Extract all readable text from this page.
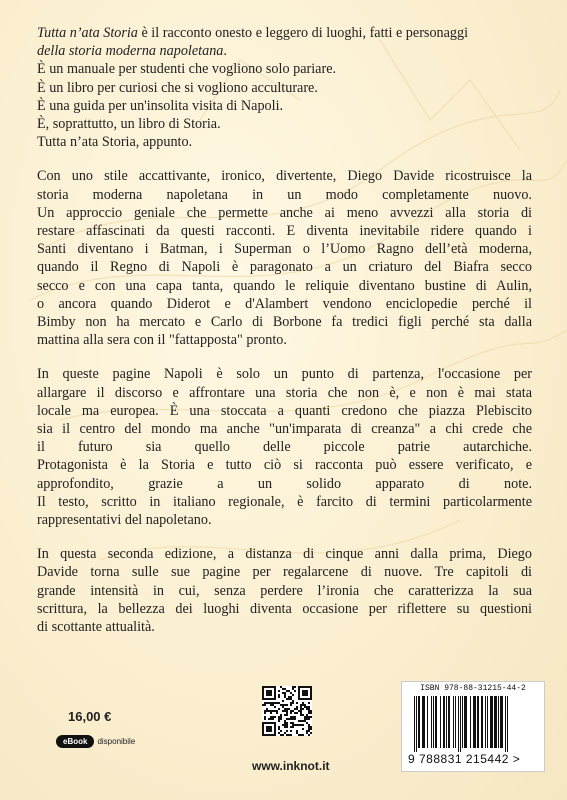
Tutta n’ata Storia è il racconto onesto e leggero di luoghi, fatti e personaggi
della storia moderna napoletana.
È un manuale per studenti che vogliono solo pariare.
È un libro per curiosi che si vogliono acculturare.
È una guida per un'insolita visita di Napoli.
È, soprattutto, un libro di Storia.
Tutta n’ata Storia, appunto.

Con uno stile accattivante, ironico, divertente, Diego Davide ricostruisce la
storia moderna napoletana in un modo completamente nuovo.
Un approccio geniale che permette anche ai meno avvezzi alla storia di
restare affascinati da questi racconti. E diventa inevitabile ridere quando i
Santi diventano i Batman, i Superman o l’Uomo Ragno dell’età moderna,
quando il Regno di Napoli è paragonato a un criaturo del Biafra secco
secco e con una capa tanta, quando le reliquie diventano bustine di Aulin,
o ancora quando Diderot e d'Alambert vendono enciclopedie perché il
Bimby non ha mercato e Carlo di Borbone fa tredici figli perché sta dalla
mattina alla sera con il "fattapposta" pronto.

In queste pagine Napoli è solo un punto di partenza, l'occasione per
allargare il discorso e affrontare una storia che non è, e non è mai stata
locale ma europea. È una stoccata a quanti credono che piazza Plebiscito
sia il centro del mondo ma anche "un'imparata di creanza" a chi crede che
il futuro sia quello delle piccole patrie autarchiche.
Protagonista è la Storia e tutto ciò si racconta può essere verificato, e
approfondito, grazie a un solido apparato di note.
Il testo, scritto in italiano regionale, è farcito di termini particolarmente
rappresentativi del napoletano.

In questa seconda edizione, a distanza di cinque anni dalla prima, Diego
Davide torna sulle sue pagine per regalarcene di nuove. Tre capitoli di
grande intensità in cui, senza perdere l’ironia che caratterizza la sua
scrittura, la bellezza dei luoghi diventa occasione per riflettere su questioni
di scottante attualità.

16,00 €
eBook	disponibile
www.inknot.it
ISBN 978-88-31215-44-2
9 788831 215442 >
